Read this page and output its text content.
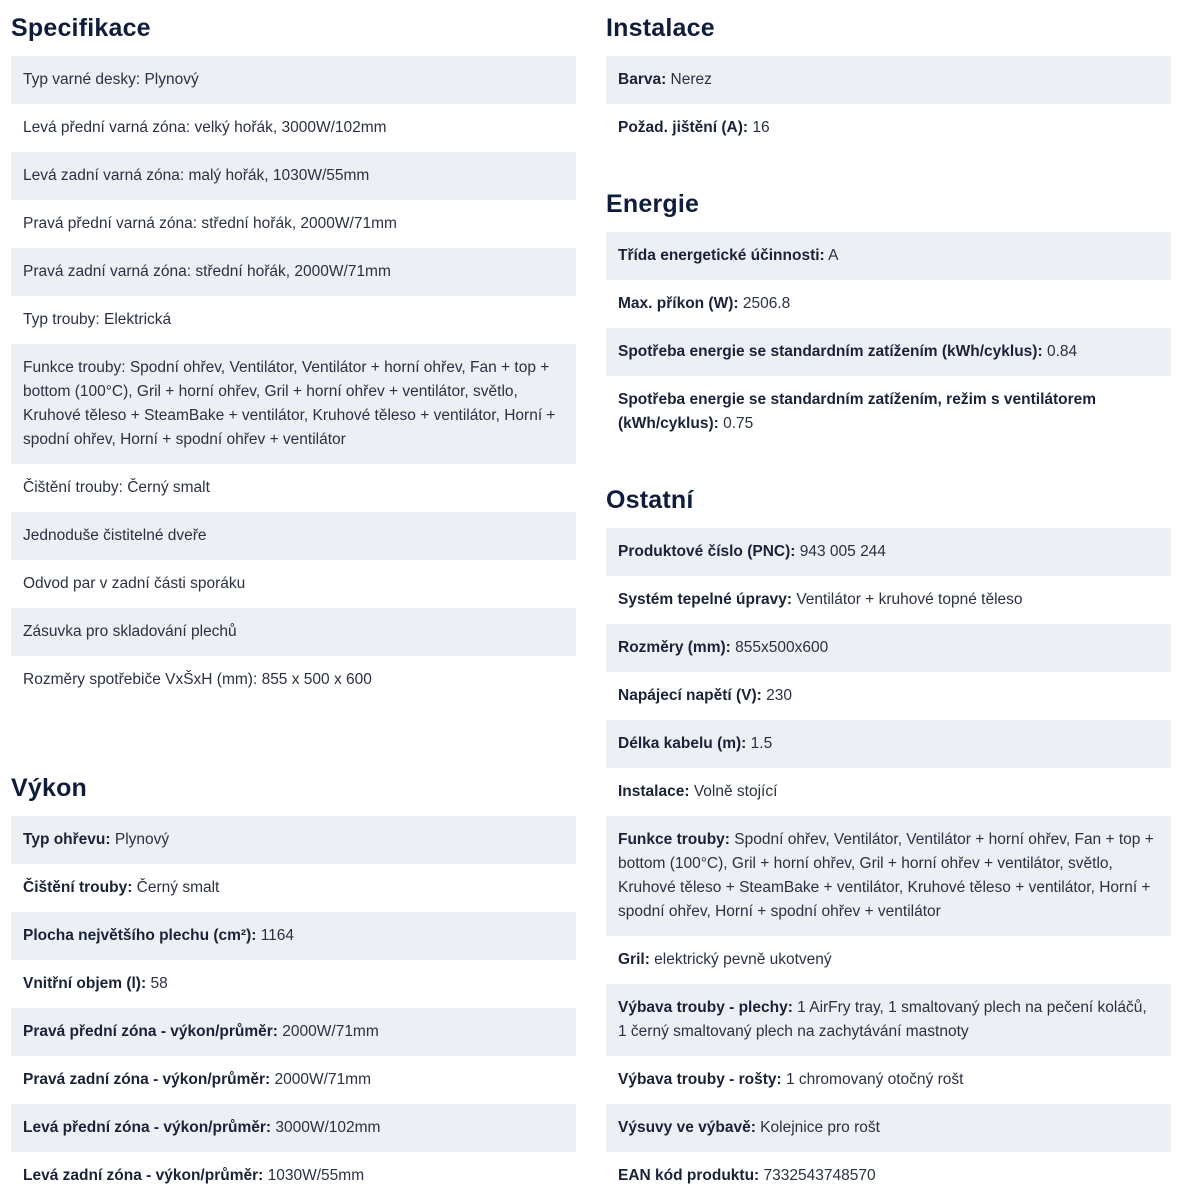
Specifikace
Typ varné desky: Plynový
Levá přední varná zóna: velký hořák, 3000W/102mm
Levá zadní varná zóna: malý hořák, 1030W/55mm
Pravá přední varná zóna: střední hořák, 2000W/71mm
Pravá zadní varná zóna: střední hořák, 2000W/71mm
Typ trouby: Elektrická
Funkce trouby: Spodní ohřev, Ventilátor, Ventilátor + horní ohřev, Fan + top + bottom (100°C), Gril + horní ohřev, Gril + horní ohřev + ventilátor, světlo, Kruhové těleso + SteamBake + ventilátor, Kruhové těleso + ventilátor, Horní + spodní ohřev, Horní + spodní ohřev + ventilátor
Čištění trouby: Černý smalt
Jednoduše čistitelné dveře
Odvod par v zadní části sporáku
Zásuvka pro skladování plechů
Rozměry spotřebiče VxŠxH (mm): 855 x 500 x 600
Výkon
Typ ohřevu: Plynový
Čištění trouby: Černý smalt
Plocha největšího plechu (cm²): 1164
Vnitřní objem (l): 58
Pravá přední zóna - výkon/průměr: 2000W/71mm
Pravá zadní zóna - výkon/průměr: 2000W/71mm
Levá přední zóna - výkon/průměr: 3000W/102mm
Levá zadní zóna - výkon/průměr: 1030W/55mm
Instalace
Barva: Nerez
Požad. jištění (A): 16
Energie
Třída energetické účinnosti: A
Max. příkon (W): 2506.8
Spotřeba energie se standardním zatížením (kWh/cyklus): 0.84
Spotřeba energie se standardním zatížením, režim s ventilátorem (kWh/cyklus): 0.75
Ostatní
Produktové číslo (PNC): 943 005 244
Systém tepelné úpravy: Ventilátor + kruhové topné těleso
Rozměry (mm): 855x500x600
Napájecí napětí (V): 230
Délka kabelu (m): 1.5
Instalace: Volně stojící
Funkce trouby: Spodní ohřev, Ventilátor, Ventilátor + horní ohřev, Fan + top + bottom (100°C), Gril + horní ohřev, Gril + horní ohřev + ventilátor, světlo, Kruhové těleso + SteamBake + ventilátor, Kruhové těleso + ventilátor, Horní + spodní ohřev, Horní + spodní ohřev + ventilátor
Gril: elektrický pevně ukotvený
Výbava trouby - plechy: 1 AirFry tray, 1 smaltovaný plech na pečení koláčů, 1 černý smaltovaný plech na zachytávání mastnoty
Výbava trouby - rošty: 1 chromovaný otočný rošt
Výsuvy ve výbavě: Kolejnice pro rošt
EAN kód produktu: 7332543748570
